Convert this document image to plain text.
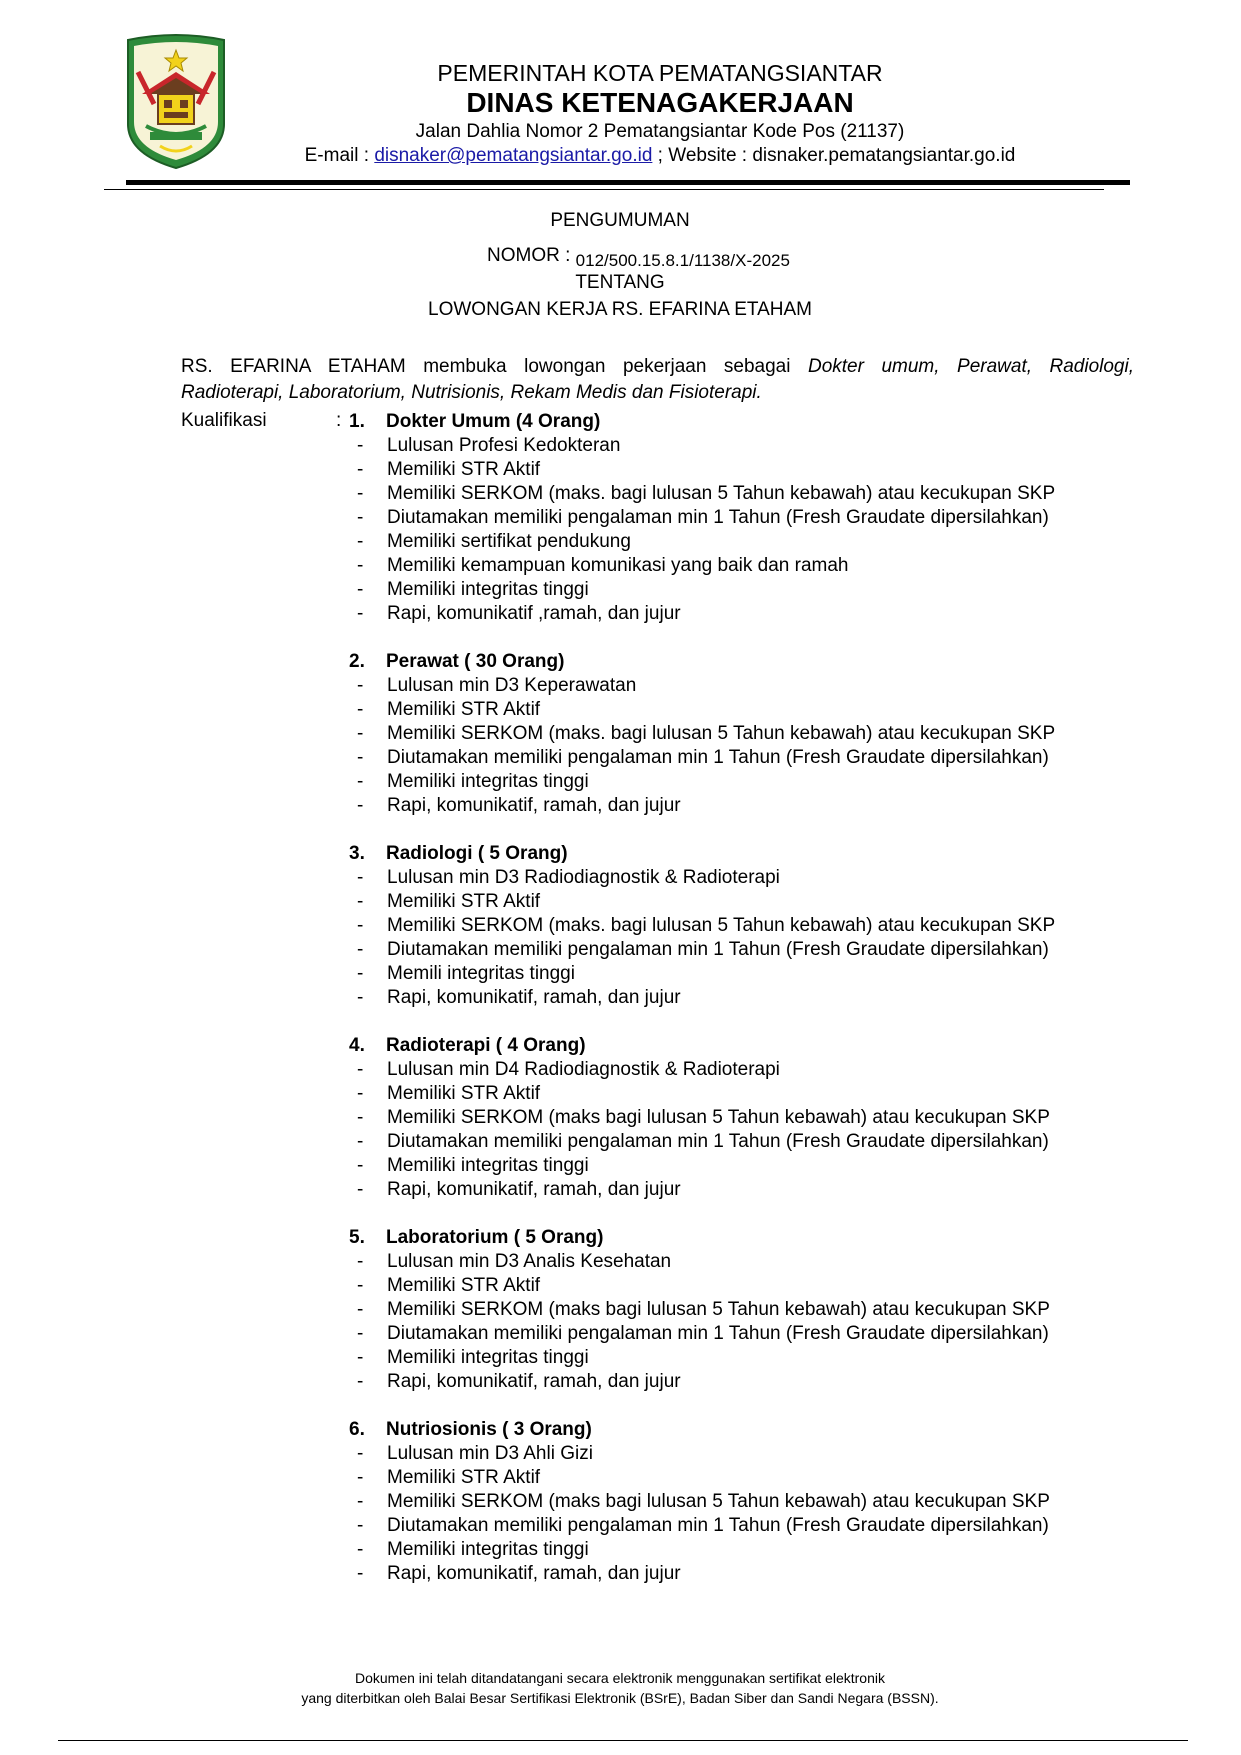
PEMERINTAH KOTA PEMATANGSIANTAR
DINAS KETENAGAKERJAAN
Jalan Dahlia Nomor 2 Pematangsiantar Kode Pos (21137)
E-mail : disnaker@pematangsiantar.go.id ; Website : disnaker.pematangsiantar.go.id
PENGUMUMAN
NOMOR : 012/500.15.8.1/1138/X-2025
TENTANG
LOWONGAN KERJA RS. EFARINA ETAHAM
RS. EFARINA ETAHAM membuka lowongan pekerjaan sebagai Dokter umum, Perawat, Radiologi,
Radioterapi, Laboratorium, Nutrisionis, Rekam Medis dan Fisioterapi.
Kualifikasi	: 1. Dokter Umum (4 Orang)
- Lulusan Profesi Kedokteran
- Memiliki STR Aktif
- Memiliki SERKOM (maks. bagi lulusan 5 Tahun kebawah) atau kecukupan SKP
- Diutamakan memiliki pengalaman min 1 Tahun (Fresh Graudate dipersilahkan)
- Memiliki sertifikat pendukung
- Memiliki kemampuan komunikasi yang baik dan ramah
- Memiliki integritas tinggi
- Rapi, komunikatif ,ramah, dan jujur
2. Perawat ( 30 Orang)
- Lulusan min D3 Keperawatan
- Memiliki STR Aktif
- Memiliki SERKOM (maks. bagi lulusan 5 Tahun kebawah) atau kecukupan SKP
- Diutamakan memiliki pengalaman min 1 Tahun (Fresh Graudate dipersilahkan)
- Memiliki integritas tinggi
- Rapi, komunikatif, ramah, dan jujur
3. Radiologi ( 5 Orang)
- Lulusan min D3 Radiodiagnostik & Radioterapi
- Memiliki STR Aktif
- Memiliki SERKOM (maks. bagi lulusan 5 Tahun kebawah) atau kecukupan SKP
- Diutamakan memiliki pengalaman min 1 Tahun (Fresh Graudate dipersilahkan)
- Memili integritas tinggi
- Rapi, komunikatif, ramah, dan jujur
4. Radioterapi ( 4 Orang)
- Lulusan min D4 Radiodiagnostik & Radioterapi
- Memiliki STR Aktif
- Memiliki SERKOM (maks bagi lulusan 5 Tahun kebawah) atau kecukupan SKP
- Diutamakan memiliki pengalaman min 1 Tahun (Fresh Graudate dipersilahkan)
- Memiliki integritas tinggi
- Rapi, komunikatif, ramah, dan jujur
5. Laboratorium ( 5 Orang)
- Lulusan min D3 Analis Kesehatan
- Memiliki STR Aktif
- Memiliki SERKOM (maks bagi lulusan 5 Tahun kebawah) atau kecukupan SKP
- Diutamakan memiliki pengalaman min 1 Tahun (Fresh Graudate dipersilahkan)
- Memiliki integritas tinggi
- Rapi, komunikatif, ramah, dan jujur
6. Nutriosionis ( 3 Orang)
- Lulusan min D3 Ahli Gizi
- Memiliki STR Aktif
- Memiliki SERKOM (maks bagi lulusan 5 Tahun kebawah) atau kecukupan SKP
- Diutamakan memiliki pengalaman min 1 Tahun (Fresh Graudate dipersilahkan)
- Memiliki integritas tinggi
- Rapi, komunikatif, ramah, dan jujur
Dokumen ini telah ditandatangani secara elektronik menggunakan sertifikat elektronik
yang diterbitkan oleh Balai Besar Sertifikasi Elektronik (BSrE), Badan Siber dan Sandi Negara (BSSN).
